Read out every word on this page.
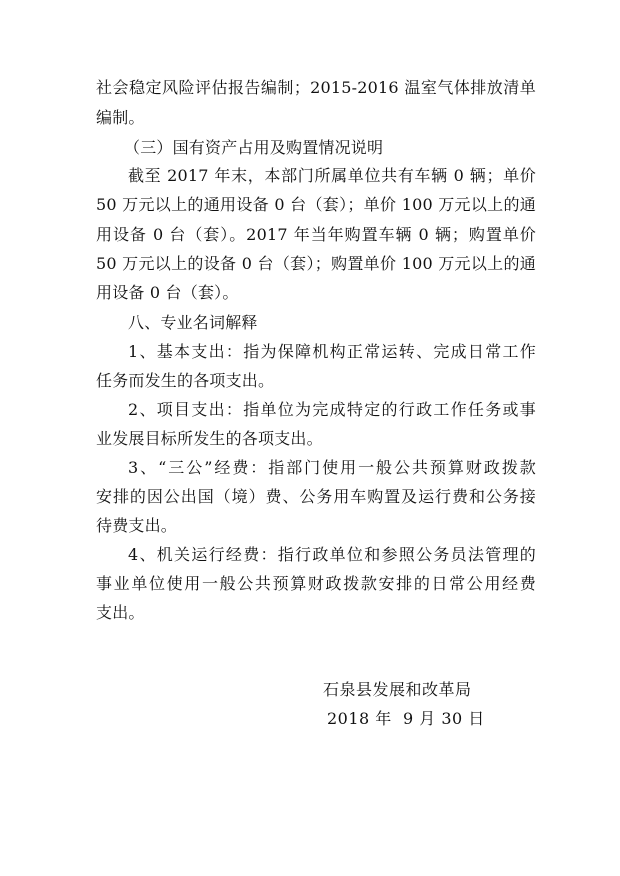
社会稳定风险评估报告编制；2015-2016 温室气体排放清单
编制。
（三）国有资产占用及购置情况说明
截至 2017 年末，本部门所属单位共有车辆 0 辆；单价
50 万元以上的通用设备 0 台（套）；单价 100 万元以上的通
用设备 0 台（套）。2017 年当年购置车辆 0 辆；购置单价
50 万元以上的设备 0 台（套）；购置单价 100 万元以上的通
用设备 0 台（套）。
八、专业名词解释
1、基本支出：指为保障机构正常运转、完成日常工作
任务而发生的各项支出。
2、项目支出：指单位为完成特定的行政工作任务或事
业发展目标所发生的各项支出。
3、“三公”经费：指部门使用一般公共预算财政拨款
安排的因公出国（境）费、公务用车购置及运行费和公务接
待费支出。
4、机关运行经费：指行政单位和参照公务员法管理的
事业单位使用一般公共预算财政拨款安排的日常公用经费
支出。
石泉县发展和改革局
2018 年  9 月 30 日
